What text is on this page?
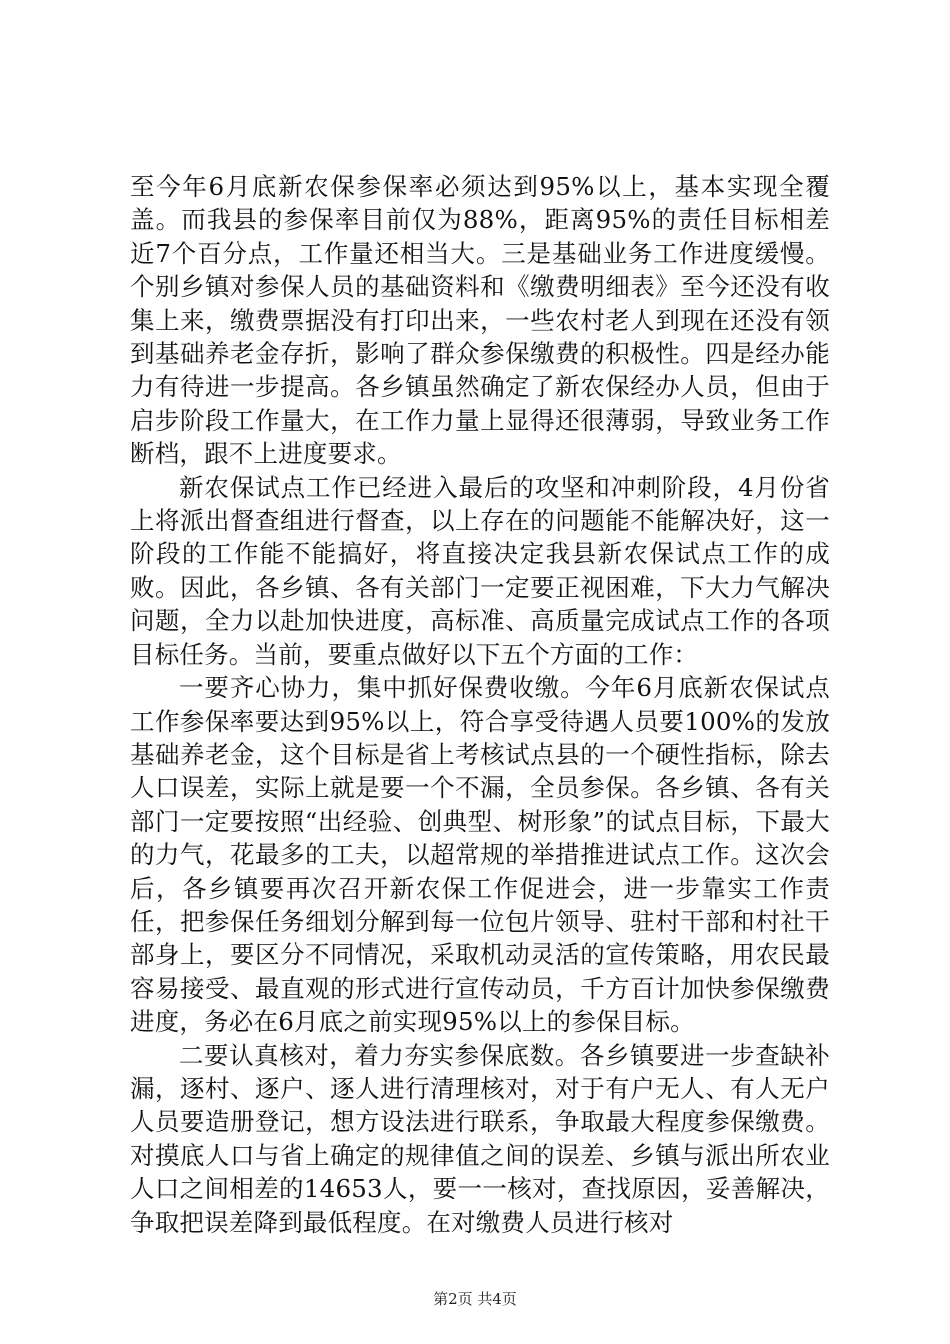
至今年6月底新农保参保率必须达到95%以上，基本实现全覆盖。而我县的参保率目前仅为88%，距离95%的责任目标相差近7个百分点，工作量还相当大。三是基础业务工作进度缓慢。个别乡镇对参保人员的基础资料和《缴费明细表》至今还没有收集上来，缴费票据没有打印出来，一些农村老人到现在还没有领到基础养老金存折，影响了群众参保缴费的积极性。四是经办能力有待进一步提高。各乡镇虽然确定了新农保经办人员，但由于启步阶段工作量大，在工作力量上显得还很薄弱，导致业务工作断档，跟不上进度要求。

新农保试点工作已经进入最后的攻坚和冲刺阶段，4月份省上将派出督查组进行督查，以上存在的问题能不能解决好，这一阶段的工作能不能搞好，将直接决定我县新农保试点工作的成败。因此，各乡镇、各有关部门一定要正视困难，下大力气解决问题，全力以赴加快进度，高标准、高质量完成试点工作的各项目标任务。当前，要重点做好以下五个方面的工作：

一要齐心协力，集中抓好保费收缴。今年6月底新农保试点工作参保率要达到95%以上，符合享受待遇人员要100%的发放基础养老金，这个目标是省上考核试点县的一个硬性指标，除去人口误差，实际上就是要一个不漏，全员参保。各乡镇、各有关部门一定要按照“出经验、创典型、树形象”的试点目标，下最大的力气，花最多的工夫，以超常规的举措推进试点工作。这次会后，各乡镇要再次召开新农保工作促进会，进一步靠实工作责任，把参保任务细划分解到每一位包片领导、驻村干部和村社干部身上，要区分不同情况，采取机动灵活的宣传策略，用农民最容易接受、最直观的形式进行宣传动员，千方百计加快参保缴费进度，务必在6月底之前实现95%以上的参保目标。

二要认真核对，着力夯实参保底数。各乡镇要进一步查缺补漏，逐村、逐户、逐人进行清理核对，对于有户无人、有人无户人员要造册登记，想方设法进行联系，争取最大程度参保缴费。对摸底人口与省上确定的规律值之间的误差、乡镇与派出所农业人口之间相差的14653人，要一一核对，查找原因，妥善解决，争取把误差降到最低程度。在对缴费人员进行核对

第2页 共4页
